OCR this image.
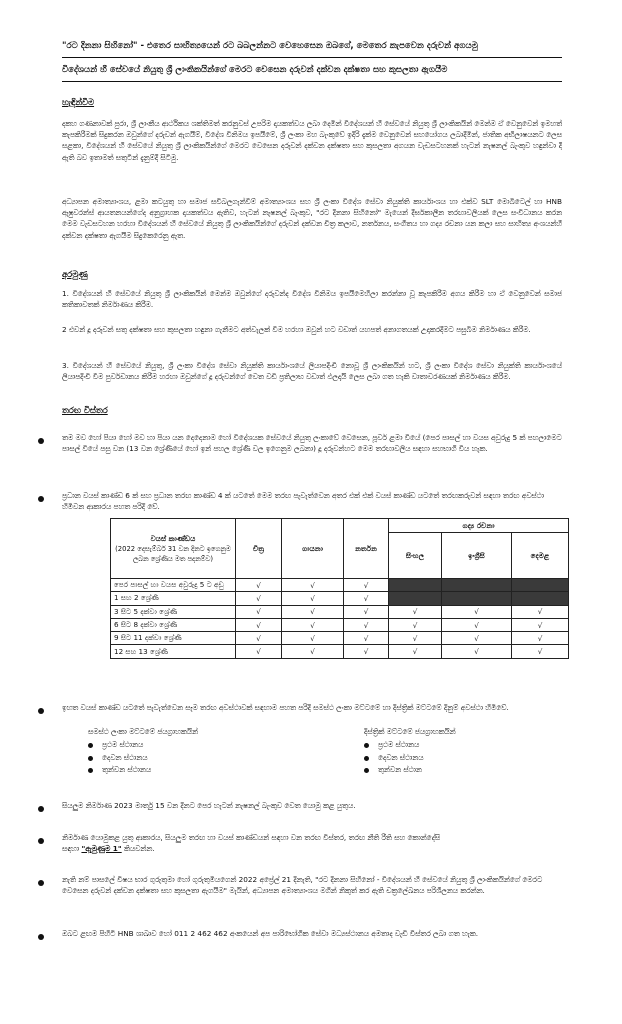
"රට දිනනා සිහිනෝ" - එතෙර සාහිත්‍යයෙන් රට බබලන්නට වෙහෙසෙන ඔබගේ, මෙතෙර කැපවෙන දරුවන් අගයමු

විදේශයන් හී සේවයේ නියුතු ශ්‍රී ලාංකිකයින්ගේ මෙරට වෙසෙන දරුවන් දක්වන දක්ෂතා සහ කුසලතා ඇගයීම

හැඳින්වීම

දකහ ගණනාවක් පුරා, ශ්‍රී ලාංකීය ආර්ථිකය ශක්තිමත් කරනුවස් උපරිම දායකත්වය ලබා දෙමින් විදේශයන් හී සේවයේ නියුතු ශ්‍රී ලාංකිකයින් මෙන්ම ඒ වෙනුවෙන් ඉමහත් කැපකිරීමක් සිදුකරන ඔවුන්ගේ දරුවන් ඇගයීම්, විදේශ විනිමය ඉපයීමේ, ශ්‍රී ලංකා මහ බැංකුවේ ඉදිරි දැක්ම වෙනුවෙන් සහයෝගය ලබාදීමින්, ජාතික අභිලාෂයනට ලෙස සළකා, විදේශයන් හී සේවයේ නියුතු ශ්‍රී ලාංකිකයින්ගේ මෙරට වෙසෙන දරුවන් දක්වන දක්ෂතා සහ කුසලතා අගයන වැඩසටහනක් හැටන් නැෂනල් බැංකුව හඳුන්වා දී ඇති බව ඉතාමත් සතුටින් දැනුම්දී සිටිමු.

අධ්‍යාපන අමාත්‍යාංශය, ළමා කටයුතු හා සමාජ සවිබලගැන්වීම් අමාත්‍යාංශය සහ ශ්‍රී ලංකා විදේශ සේවා නියුක්ති කාර්යාංශය හා එක්ව SLT මොබිටෙල් හා HNB ඇෂුවරන්ස් ආයතනයන්ගේද අනුග්‍රාහක දායකත්වය ඇතිව, හැටන් නැෂනල් බැංකුව, "රට දිනනා සිහිනෝ" මැයෙන් දීර්ඝකාලීන තරඟාවලියක් ලෙස සංවිධානය කරන මෙම වැඩසටහන හරහා විදේශයන් හී සේවයේ නියුතු ශ්‍රී ලාංකිකයින්ගේ දරුවන් දක්වන චිත්‍ර කලාව, නර්තනය, සංගීතය හා ගද්‍ය රචනා යන කලා සහ සාහිත්‍ය අංශයන්හී දක්වන දක්ෂතා ඇගයීම සිදුකෙරෙනු ඇත.

අරමුණු

1. විදේශයන් හී සේවයේ නියුතු ශ්‍රී ලාංකිකයින් මෙන්ම ඔවුන්ගේ දරුවන්ද විදේශ විනිමය ඉපයීමෙහිලා කරන්නා වූ කැපකිරීම අගය කිරීම හා ඒ වෙනුවෙන් සමාජ කතිකාවතක් නිර්මාණය කිරීම.

2 එවන් දූ දරුවන් සතු දක්ෂතා සහ කුසලතා හඳුනා ගැනීමට අත්වැලක් වීම හරහා ඔවුන් හට වඩාත් යහපත් අනාගතයක් උදාකරදීමට පසුබිම නිර්මාණය කිරීම.

3. විදේශයන් හී සේවයේ නියුතු, ශ්‍රී ලංකා විදේශ සේවා නියුක්ති කාර්යාංශයේ ලියාපදිංචි නොවූ ශ්‍රී ලාංකිකයින් හට, ශ්‍රී ලංකා විදේශ සේවා නියුක්ති කාර්යාංශයේ ලියාපදිංචි වීම පුර්වඩානය කිරීම හරහා ඔවුන්ගේ දූ දරුවන්ගේ වෙත වඩි ප්‍රතිලාභ වඩාත් ඵලදායි ලෙස ලබා ගත හැකි වාතාවරණයක් නිර්මාණය කිරීම.

තරඟ විස්තර

තම මව හෝ පියා හෝ මව හා පියා යන දෙදෙනාම හෝ විදේශයක සේවයේ නියුතු ලංකාවේ වෙසෙන, පූර්ව ළමා වියේ (පෙර පාසල් හා වයස අවුරුදු 5 ක් පහලාමෙට පාසල් වියේ පසු වන (13 වන ශ්‍රේණියේ හෝ ඉන් පහල ශ්‍රේණි වල ඉගෙනුම ලබනා) දූ දරුවන්හට මෙම තරඟාවලිය සඳහා සහභාගි විය හැක.

ප්‍රධාන වයස් කාණ්ඩ 6 ක් සහ ප්‍රධාන තරඟ කාණ්ඩ 4 ක් යටතේ මෙම තරඟ පැවැත්වෙන අතර එක් එක් වයස් කාණ්ඩ යටතේ තරඟකරුවන් සඳහා තරඟ අවස්ථා හිමිවන ආකාරය පහත පරිදි වේ.

වයස් කාණ්ඩය
(2022 දෙසැම්බර් 31 වන දිනට ඉගෙනුම ලබන ශ්‍රේණිය මත පදනම්ව)	චිත්‍ර	ගායනා	නර්තන	ගද්‍ය රචනා		
				සිංහල	ඉංග්‍රීසි	දෙමළ
පෙර පාසල් හා වයස අවුරුදු 5 ට අඩු	√	√	√			
1 සහ 2 ශ්‍රේණි	√	√	√			
3 සිට 5 දක්වා ශ්‍රේණි	√	√	√	√	√	√
6 සිට 8 දක්වා ශ්‍රේණි	√	√	√	√	√	√
9 සිට 11 දක්වා ශ්‍රේණි	√	√	√	√	√	√
12 සහ 13 ශ්‍රේණි	√	√	√	√	√	√

ඉහත වයස් කාණ්ඩ යටතේ පැවැත්වෙන සෑම තරඟ අවස්ථාවක් සඳහාම පහත පරිදි සමස්ථ ලංකා මට්ටමේ හා දිස්ත්‍රික් මට්ටමේ දිනුම් අවස්ථා හිමිවේ.

සමස්ථ ලංකා මට්ටමේ ජයග්‍රාහකයින්
ප්‍රථම ස්ථානය
දෙවන ස්ථානය
තුන්වන ස්ථානය
දිස්ත්‍රික් මට්ටමේ ජයග්‍රාහකයින්
ප්‍රථම ස්ථානය
දෙවන ස්ථානය
තුන්වන ස්ථාන

සියලුම නිර්මාණ 2023 මාර්තු 15 වන දිනට පෙර හැටන් නැෂනල් බැංකුව වෙත යොමු කළ යුතුය.

නිර්මාණ යොමුකළ යුතු ආකාරය, සියලුම තරඟ හා වයස් කාණ්ඩයන් සඳහා වන තරඟ විස්තර, තරඟ නීති රීති සහ කොන්දේසි
සඳහා "ඇමුණුම 1" කියවන්න.

නැති නම් පාසලේ විෂය භාර ගුරුතුමා හෝ ගුරුතුමියගෙන් 2022 අප්‍රේල් 21 දිනැති, "රට දිනනා සිහිනෝ - විදේශයන් හී සේවයේ නියුතු ශ්‍රී ලාංකිකයින්ගේ මෙරට වෙසෙන දරුවන් දක්වන දක්ෂතා සහ කුසලතා ඇගයීම" මැයින්, අධ්‍යාපන අමාත්‍යාංශය මගින් නිකුත් කර ඇති චක්‍රලේඛනය පරිශීලනය කරන්න.

ඔබට ළඟම පිහිටි HNB ශාඛාව හෝ 011 2 462 462 අංකයෙන් අප පාරිභෝගික සේවා මධ්‍යස්ථානය අමතාද වැඩි විස්තර ලබා ගත හැක.
